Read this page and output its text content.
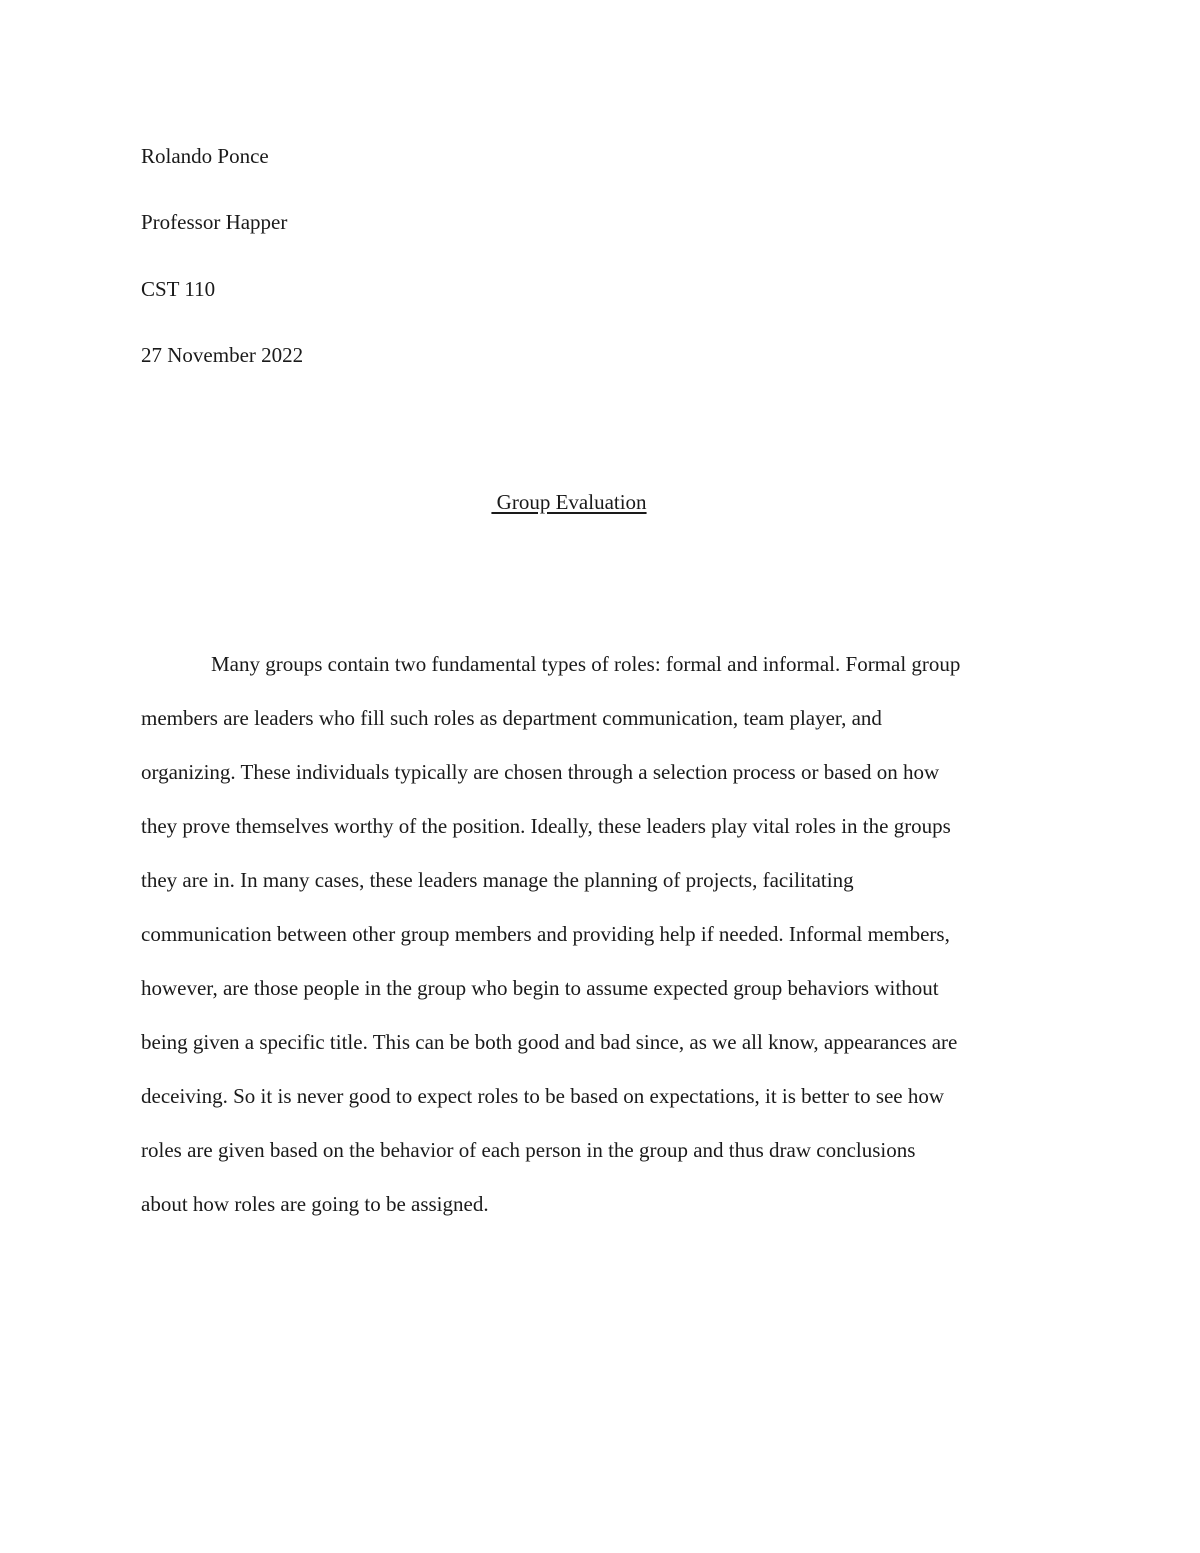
Rolando Ponce
Professor Happer
CST 110
27 November 2022
Group Evaluation
Many groups contain two fundamental types of roles: formal and informal. Formal group
members are leaders who fill such roles as department communication, team player, and
organizing. These individuals typically are chosen through a selection process or based on how
they prove themselves worthy of the position. Ideally, these leaders play vital roles in the groups
they are in. In many cases, these leaders manage the planning of projects, facilitating
communication between other group members and providing help if needed. Informal members,
however, are those people in the group who begin to assume expected group behaviors without
being given a specific title. This can be both good and bad since, as we all know, appearances are
deceiving. So it is never good to expect roles to be based on expectations, it is better to see how
roles are given based on the behavior of each person in the group and thus draw conclusions
about how roles are going to be assigned.
